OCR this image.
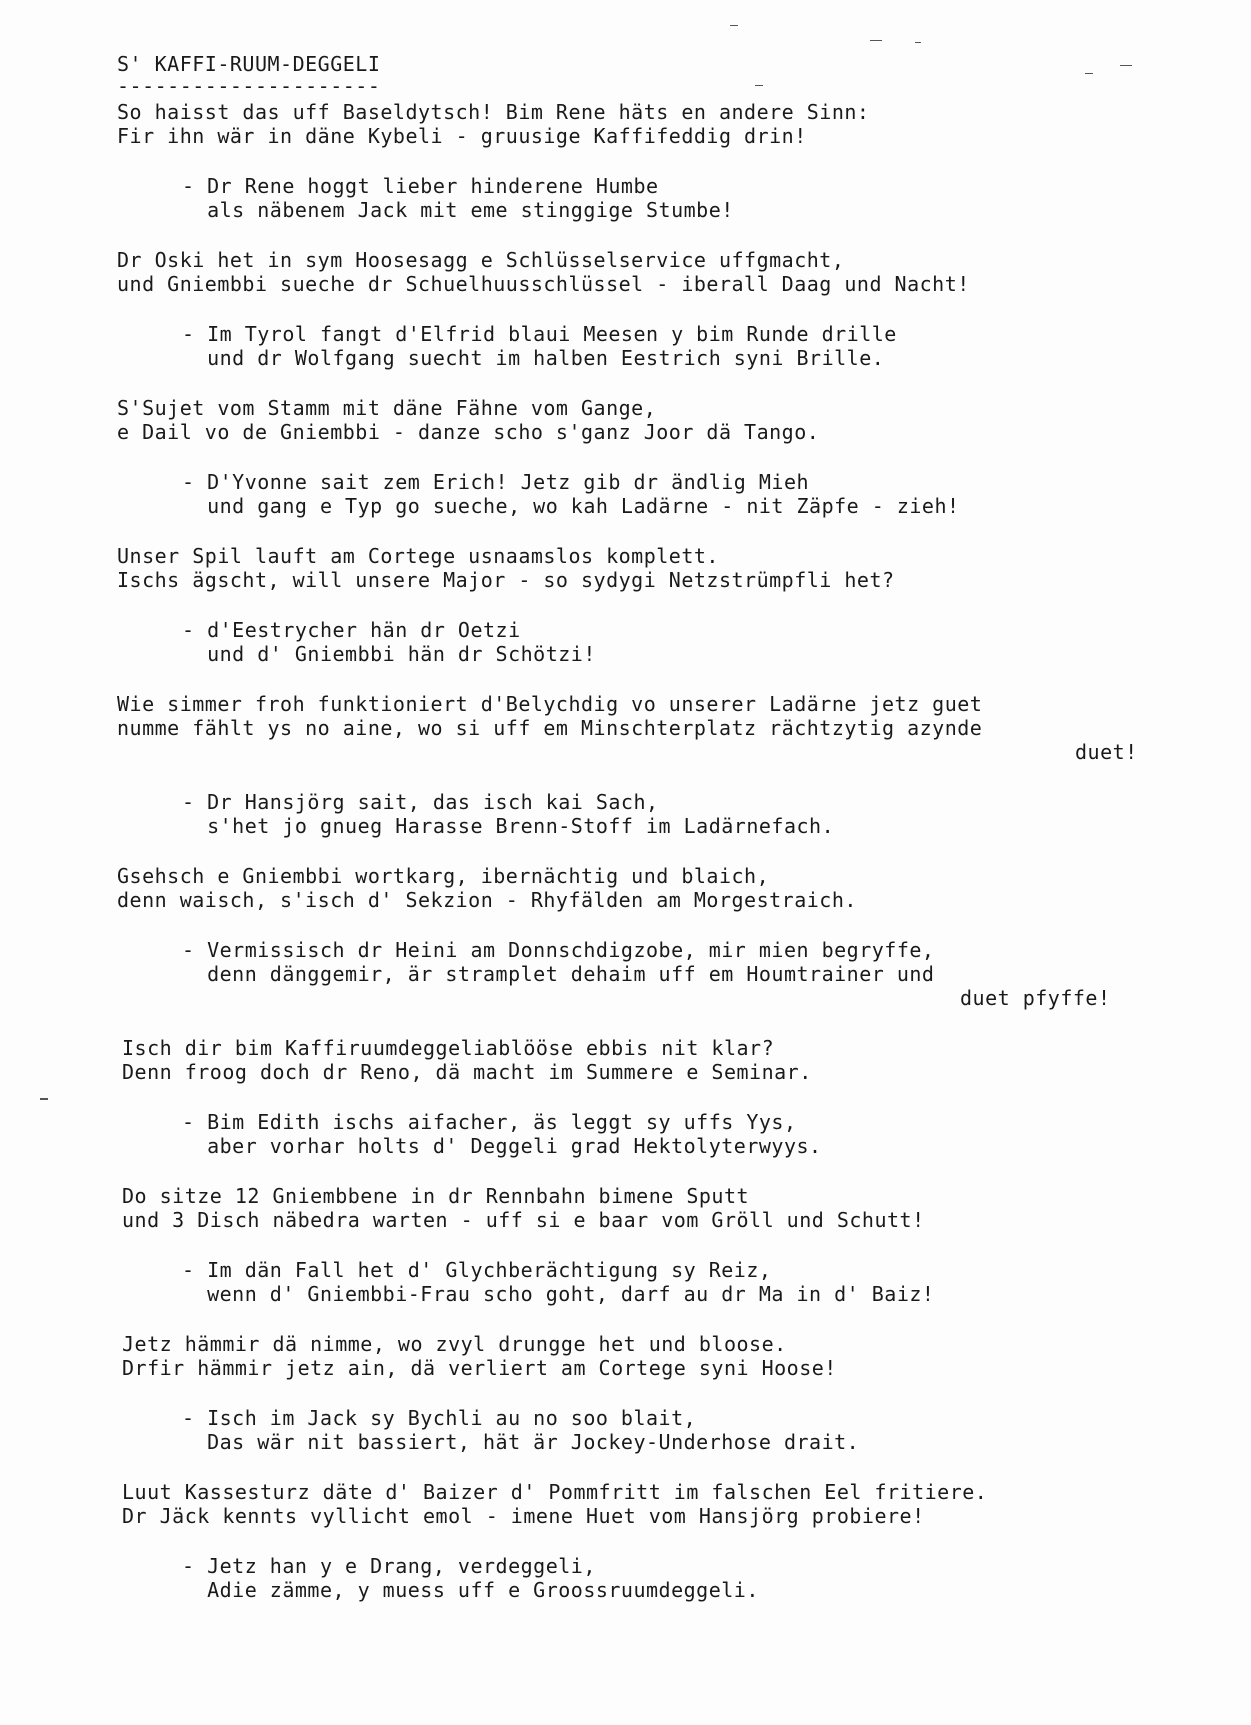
S' KAFFI-RUUM-DEGGELI
---------------------
So haisst das uff Baseldytsch! Bim Rene häts en andere Sinn:
Fir ihn wär in däne Kybeli - gruusige Kaffifeddig drin!
- Dr Rene hoggt lieber hinderene Humbe
als näbenem Jack mit eme stinggige Stumbe!
Dr Oski het in sym Hoosesagg e Schlüsselservice uffgmacht,
und Gniembbi sueche dr Schuelhuusschlüssel - iberall Daag und Nacht!
- Im Tyrol fangt d'Elfrid blaui Meesen y bim Runde drille
und dr Wolfgang suecht im halben Eestrich syni Brille.
S'Sujet vom Stamm mit däne Fähne vom Gange,
e Dail vo de Gniembbi - danze scho s'ganz Joor dä Tango.
- D'Yvonne sait zem Erich! Jetz gib dr ändlig Mieh
und gang e Typ go sueche, wo kah Ladärne - nit Zäpfe - zieh!
Unser Spil lauft am Cortege usnaamslos komplett.
Ischs ägscht, will unsere Major - so sydygi Netzstrümpfli het?
- d'Eestrycher hän dr Oetzi
und d' Gniembbi hän dr Schötzi!
Wie simmer froh funktioniert d'Belychdig vo unserer Ladärne jetz guet
numme fählt ys no aine, wo si uff em Minschterplatz rächtzytig azynde
duet!
- Dr Hansjörg sait, das isch kai Sach,
s'het jo gnueg Harasse Brenn-Stoff im Ladärnefach.
Gsehsch e Gniembbi wortkarg, ibernächtig und blaich,
denn waisch, s'isch d' Sekzion - Rhyfälden am Morgestraich.
- Vermissisch dr Heini am Donnschdigzobe, mir mien begryffe,
denn dänggemir, är stramplet dehaim uff em Houmtrainer und
duet pfyffe!
Isch dir bim Kaffiruumdeggeliablööse ebbis nit klar?
Denn froog doch dr Reno, dä macht im Summere e Seminar.
- Bim Edith ischs aifacher, äs leggt sy uffs Yys,
aber vorhar holts d' Deggeli grad Hektolyterwyys.
Do sitze 12 Gniembbene in dr Rennbahn bimene Sputt
und 3 Disch näbedra warten - uff si e baar vom Gröll und Schutt!
- Im dän Fall het d' Glychberächtigung sy Reiz,
wenn d' Gniembbi-Frau scho goht, darf au dr Ma in d' Baiz!
Jetz hämmir dä nimme, wo zvyl drungge het und bloose.
Drfir hämmir jetz ain, dä verliert am Cortege syni Hoose!
- Isch im Jack sy Bychli au no soo blait,
Das wär nit bassiert, hät är Jockey-Underhose drait.
Luut Kassesturz däte d' Baizer d' Pommfritt im falschen Eel fritiere.
Dr Jäck kennts vyllicht emol - imene Huet vom Hansjörg probiere!
- Jetz han y e Drang, verdeggeli,
Adie zämme, y muess uff e Groossruumdeggeli.
